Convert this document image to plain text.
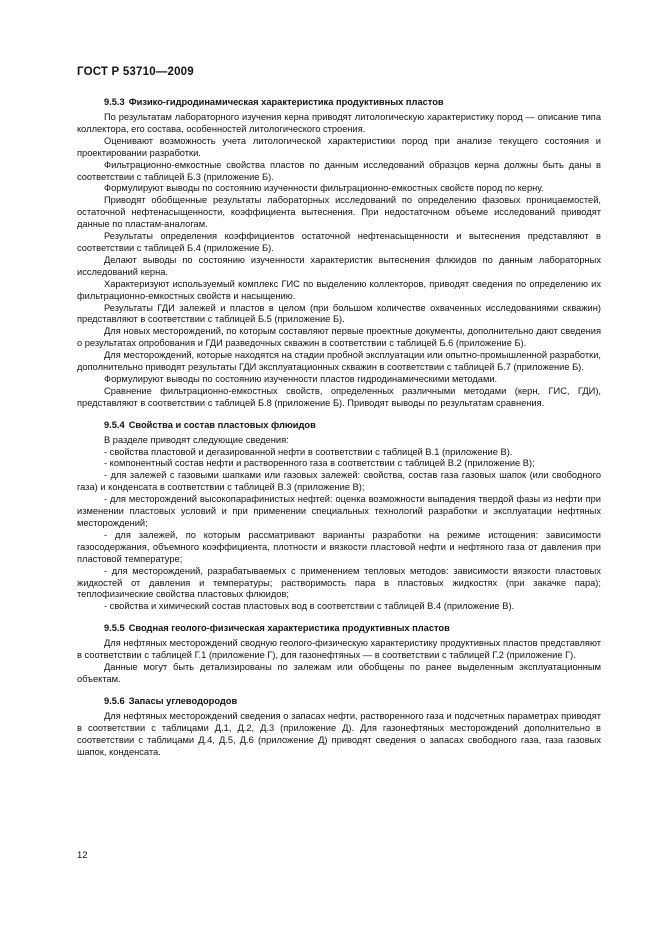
ГОСТ Р 53710—2009
9.5.3 Физико-гидродинамическая характеристика продуктивных пластов

По результатам лабораторного изучения керна приводят литологическую характеристику пород — описание типа коллектора, его состава, особенностей литологического строения.

Оценивают возможность учета литологической характеристики пород при анализе текущего состояния и проектировании разработки.

Фильтрационно-емкостные свойства пластов по данным исследований образцов керна должны быть даны в соответствии с таблицей Б.3 (приложение Б).

Формулируют выводы по состоянию изученности фильтрационно-емкостных свойств пород по керну.

Приводят обобщенные результаты лабораторных исследований по определению фазовых проницаемостей, остаточной нефтенасыщенности, коэффициента вытеснения. При недостаточном объеме исследований приводят данные по пластам-аналогам.

Результаты определения коэффициентов остаточной нефтенасыщенности и вытеснения представляют в соответствии с таблицей Б.4 (приложение Б).

Делают выводы по состоянию изученности характеристик вытеснения флюидов по данным лабораторных исследований керна.

Характеризуют используемый комплекс ГИС по выделению коллекторов, приводят сведения по определению их фильтрационно-емкостных свойств и насыщению.

Результаты ГДИ залежей и пластов в целом (при большом количестве охваченных исследованиями скважин) представляют в соответствии с таблицей Б.5 (приложение Б).

Для новых месторождений, по которым составляют первые проектные документы, дополнительно дают сведения о результатах опробования и ГДИ разведочных скважин в соответствии с таблицей Б.6 (приложение Б).

Для месторождений, которые находятся на стадии пробной эксплуатации или опытно-промышленной разработки, дополнительно приводят результаты ГДИ эксплуатационных скважин в соответствии с таблицей Б.7 (приложение Б).

Формулируют выводы по состоянию изученности пластов гидродинамическими методами.

Сравнение фильтрационно-емкостных свойств, определенных различными методами (керн, ГИС, ГДИ), представляют в соответствии с таблицей Б.8 (приложение Б). Приводят выводы по результатам сравнения.

9.5.4 Свойства и состав пластовых флюидов

В разделе приводят следующие сведения:

- свойства пластовой и дегазированной нефти в соответствии с таблицей В.1 (приложение В).

- компонентный состав нефти и растворенного газа в соответствии с таблицей В.2 (приложение В);

- для залежей с газовыми шапками или газовых залежей: свойства, состав газа газовых шапок (или свободного газа) и конденсата в соответствии с таблицей В.3 (приложение В);

- для месторождений высокопарафинистых нефтей: оценка возможности выпадения твердой фазы из нефти при изменении пластовых условий и при применении специальных технологий разработки и эксплуатации нефтяных месторождений;

- для залежей, по которым рассматривают варианты разработки на режиме истощения: зависимости газосодержания, объемного коэффициента, плотности и вязкости пластовой нефти и нефтяного газа от давления при пластовой температуре;

- для месторождений, разрабатываемых с применением тепловых методов: зависимости вязкости пластовых жидкостей от давления и температуры; растворимость пара в пластовых жидкостях (при закачке пара); теплофизические свойства пластовых флюидов;

- свойства и химический состав пластовых вод в соответствии с таблицей В.4 (приложение В).

9.5.5 Сводная геолого-физическая характеристика продуктивных пластов

Для нефтяных месторождений сводную геолого-физическую характеристику продуктивных пластов представляют в соответствии с таблицей Г.1 (приложение Г), для газонефтяных — в соответствии с таблицей Г.2 (приложение Г).

Данные могут быть детализированы по залежам или обобщены по ранее выделенным эксплуатационным объектам.

9.5.6 Запасы углеводородов

Для нефтяных месторождений сведения о запасах нефти, растворенного газа и подсчетных параметрах приводят в соответствии с таблицами Д.1, Д.2, Д.3 (приложение Д). Для газонефтяных месторождений дополнительно в соответствии с таблицами Д.4, Д.5, Д.6 (приложение Д) приводят сведения о запасах свободного газа, газа газовых шапок, конденсата.

12
